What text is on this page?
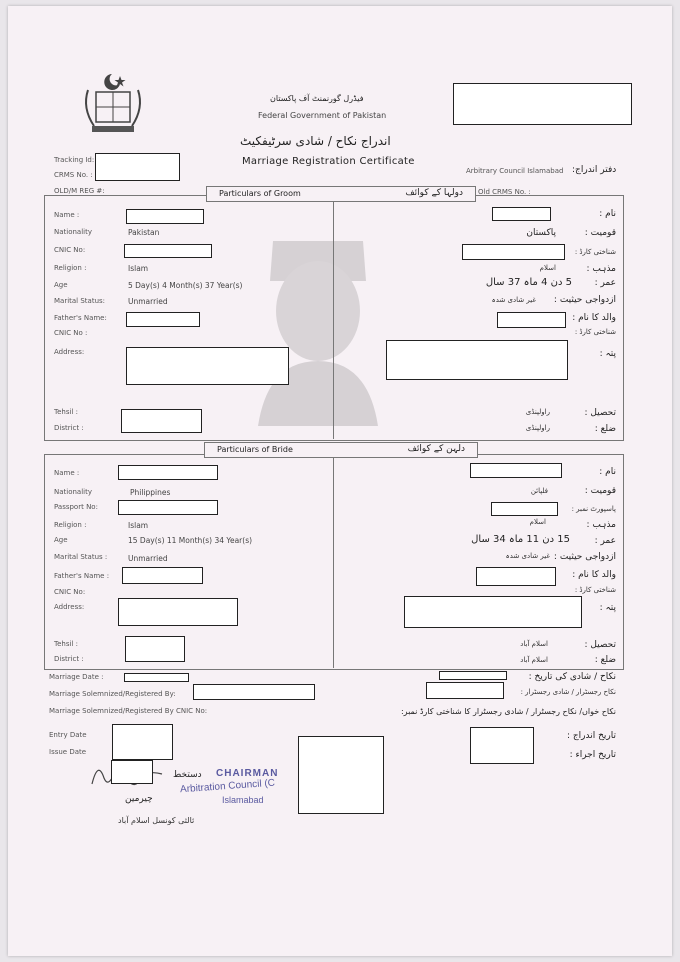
فیڈرل گورنمنٹ آف پاکستان
Federal Government of Pakistan
اندراج نکاح / شادی سرٹیفکیٹ
Marriage Registration Certificate
Tracking Id:
CRMS No. :
OLD/M REG #:
Arbitrary Council Islamabad دفتر اندراج:
Old CRMS No. :
Particulars of Groom	دولہا کے کوائف
Name :
Nationality	Pakistan
CNIC No:
Religion :	Islam
Age	5 Day(s) 4 Month(s) 37 Year(s)
Marital Status:	Unmarried
Father's Name:
CNIC No :
Address:
Tehsil :
District :
نام :
قومیت :
پاکستان
شناختی کارڈ :
مذہب :
اسلام
عمر :
5 دن 4 ماہ 37 سال
ازدواجی حیثیت :
غیر شادی شدہ
والد کا نام :
شناختی کارڈ :
پتہ :
تحصیل :
راولپنڈی
ضلع :
راولپنڈی
Particulars of Bride	دلہن کے کوائف
Name :
Nationality	Philippines
Passport No:
Religion :	Islam
Age	15 Day(s) 11 Month(s) 34 Year(s)
Marital Status :	Unmarried
Father's Name :
CNIC No:
Address:
Tehsil :
District :
نام :
قومیت :
فلپائن
پاسپورٹ نمبر :
مذہب :
اسلام
عمر :
15 دن 11 ماہ 34 سال
ازدواجی حیثیت :
غیر شادی شدہ
والد کا نام :
شناختی کارڈ :
پتہ :
تحصیل :
اسلام آباد
ضلع :
اسلام آباد
Marriage Date :
Marriage Solemnized/Registered By:
Marriage Solemnized/Registered By CNIC No:
نکاح / شادی کی تاریخ :
نکاح رجسٹرار / شادی رجسٹرار :
نکاح خواں/ نکاح رجسٹرار / شادی رجسٹرار کا شناختی کارڈ نمبر:
Entry Date
Issue Date
تاریخ اندراج :
تاریخ اجراء :
دستخط
چیرمین
ثالثی کونسل اسلام آباد
CHAIRMAN
Arbitration Council (C
Islamabad
